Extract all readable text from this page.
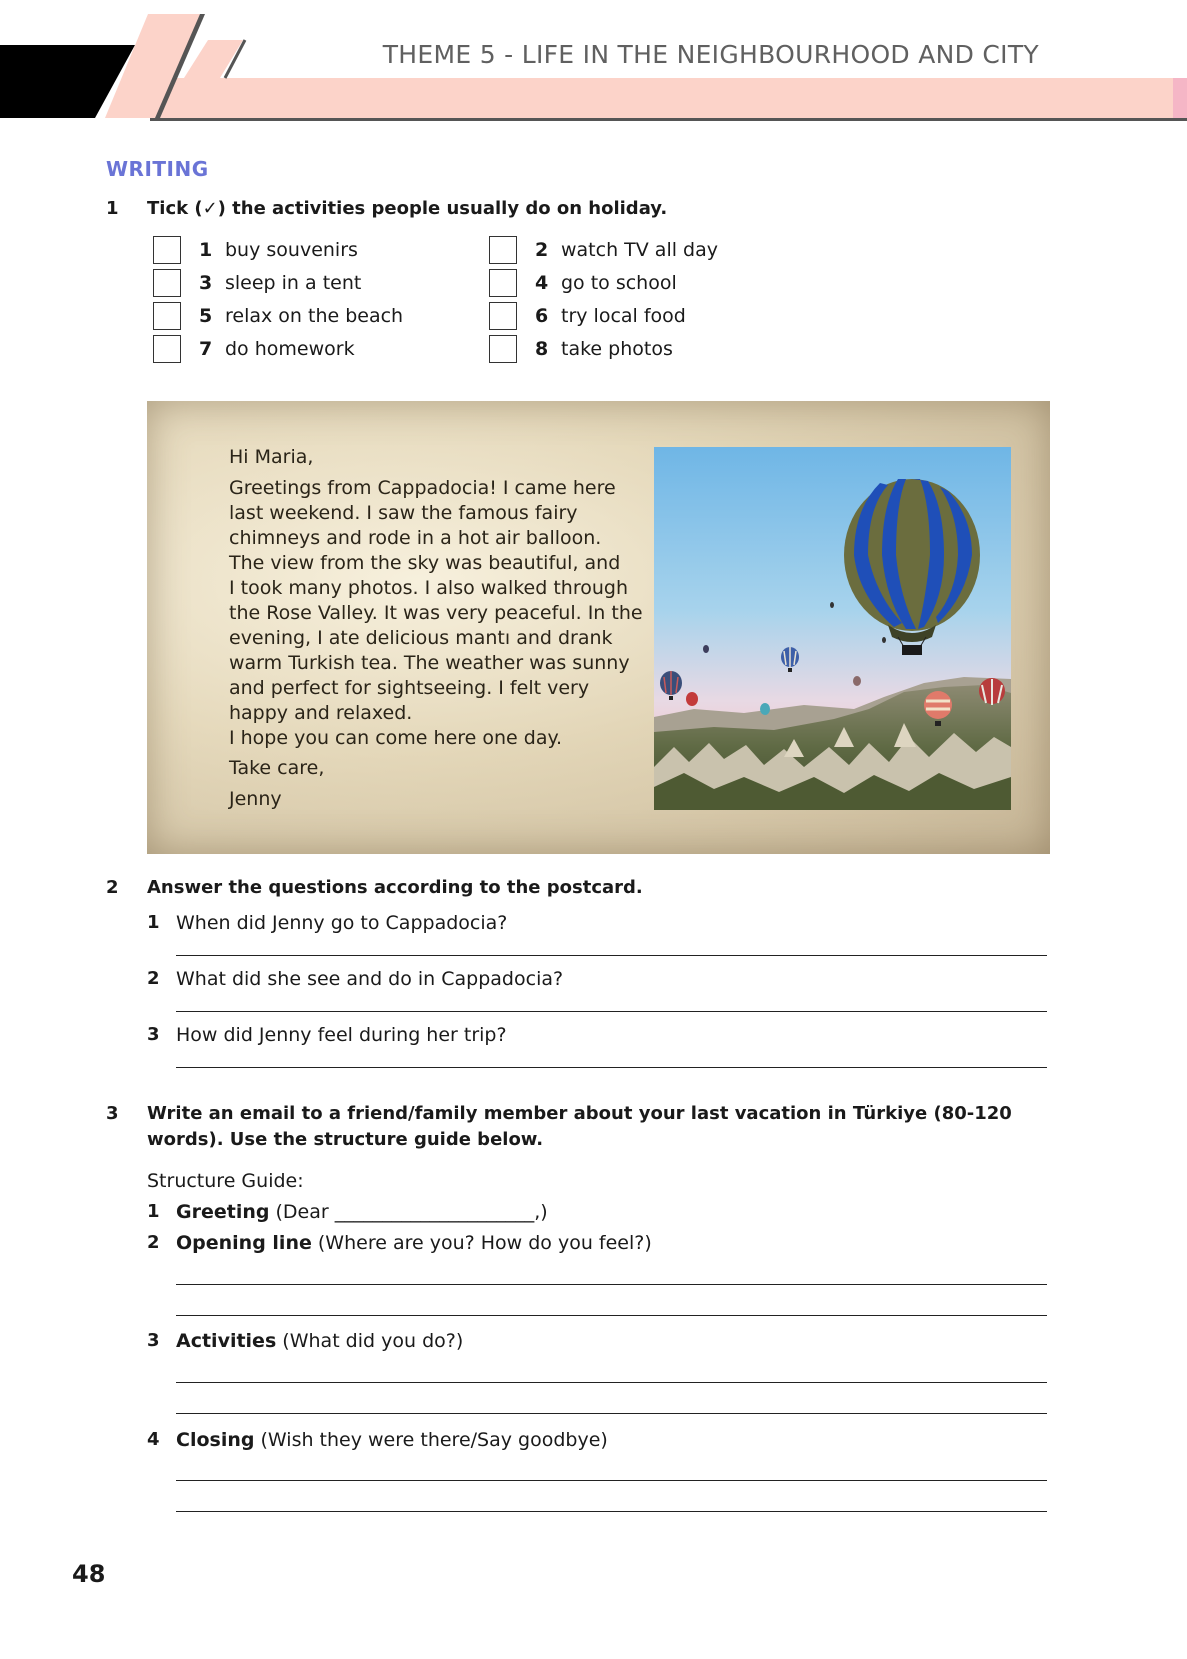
THEME 5 - LIFE IN THE NEIGHBOURHOOD AND CITY
WRITING
1 Tick (✓) the activities people usually do on holiday.
1 buy souvenirs	2 watch TV all day
3 sleep in a tent	4 go to school
5 relax on the beach	6 try local food
7 do homework	8 take photos
Hi Maria,
Greetings from Cappadocia! I came here
last weekend. I saw the famous fairy
chimneys and rode in a hot air balloon.
The view from the sky was beautiful, and
I took many photos. I also walked through
the Rose Valley. It was very peaceful. In the
evening, I ate delicious mantı and drank
warm Turkish tea. The weather was sunny
and perfect for sightseeing. I felt very
happy and relaxed.
I hope you can come here one day.
Take care,
Jenny
2 Answer the questions according to the postcard.
1 When did Jenny go to Cappadocia?
2 What did she see and do in Cappadocia?
3 How did Jenny feel during her trip?
3 Write an email to a friend/family member about your last vacation in Türkiye (80-120
words). Use the structure guide below.
Structure Guide:
1 Greeting (Dear _____________________,)
2 Opening line (Where are you? How do you feel?)
3 Activities (What did you do?)
4 Closing (Wish they were there/Say goodbye)
48
